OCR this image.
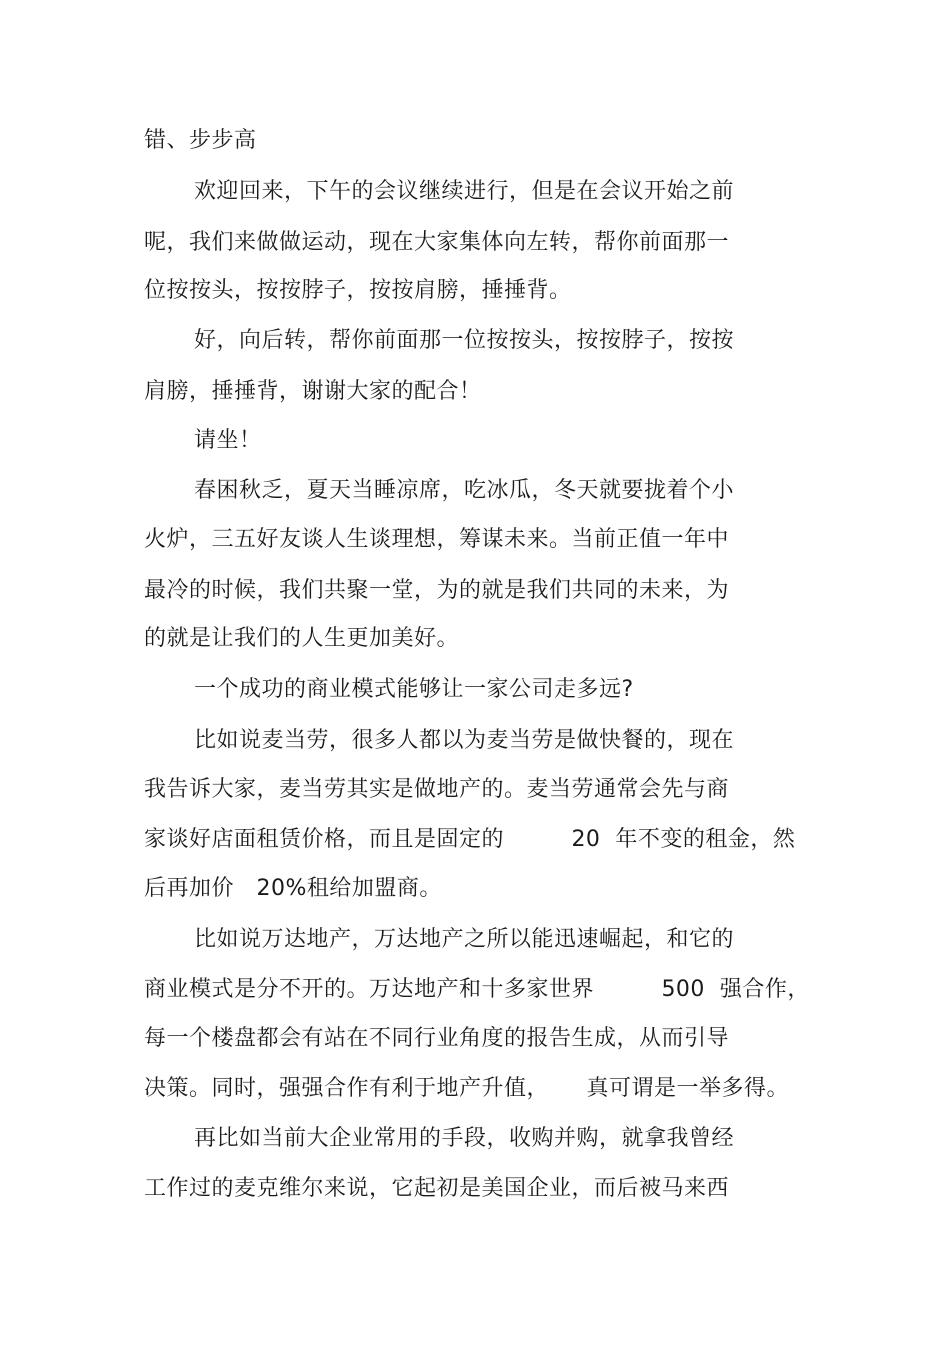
错、步步高
欢迎回来，下午的会议继续进行，但是在会议开始之前
呢，我们来做做运动，现在大家集体向左转，帮你前面那一
位按按头，按按脖子，按按肩膀，捶捶背。
好，向后转，帮你前面那一位按按头，按按脖子，按按
肩膀，捶捶背，谢谢大家的配合！
请坐！
春困秋乏，夏天当睡凉席，吃冰瓜，冬天就要拢着个小
火炉，三五好友谈人生谈理想，筹谋未来。当前正值一年中
最冷的时候，我们共聚一堂，为的就是我们共同的未来，为
的就是让我们的人生更加美好。
一个成功的商业模式能够让一家公司走多远?
比如说麦当劳，很多人都以为麦当劳是做快餐的，现在
我告诉大家，麦当劳其实是做地产的。麦当劳通常会先与商
家谈好店面租赁价格，而且是固定的         20  年不变的租金，然
后再加价   20%租给加盟商。
比如说万达地产，万达地产之所以能迅速崛起，和它的
商业模式是分不开的。万达地产和十多家世界         500  强合作，
每一个楼盘都会有站在不同行业角度的报告生成，从而引导
决策。同时，强强合作有利于地产升值，     真可谓是一举多得。
再比如当前大企业常用的手段，收购并购，就拿我曾经
工作过的麦克维尔来说，它起初是美国企业，而后被马来西
